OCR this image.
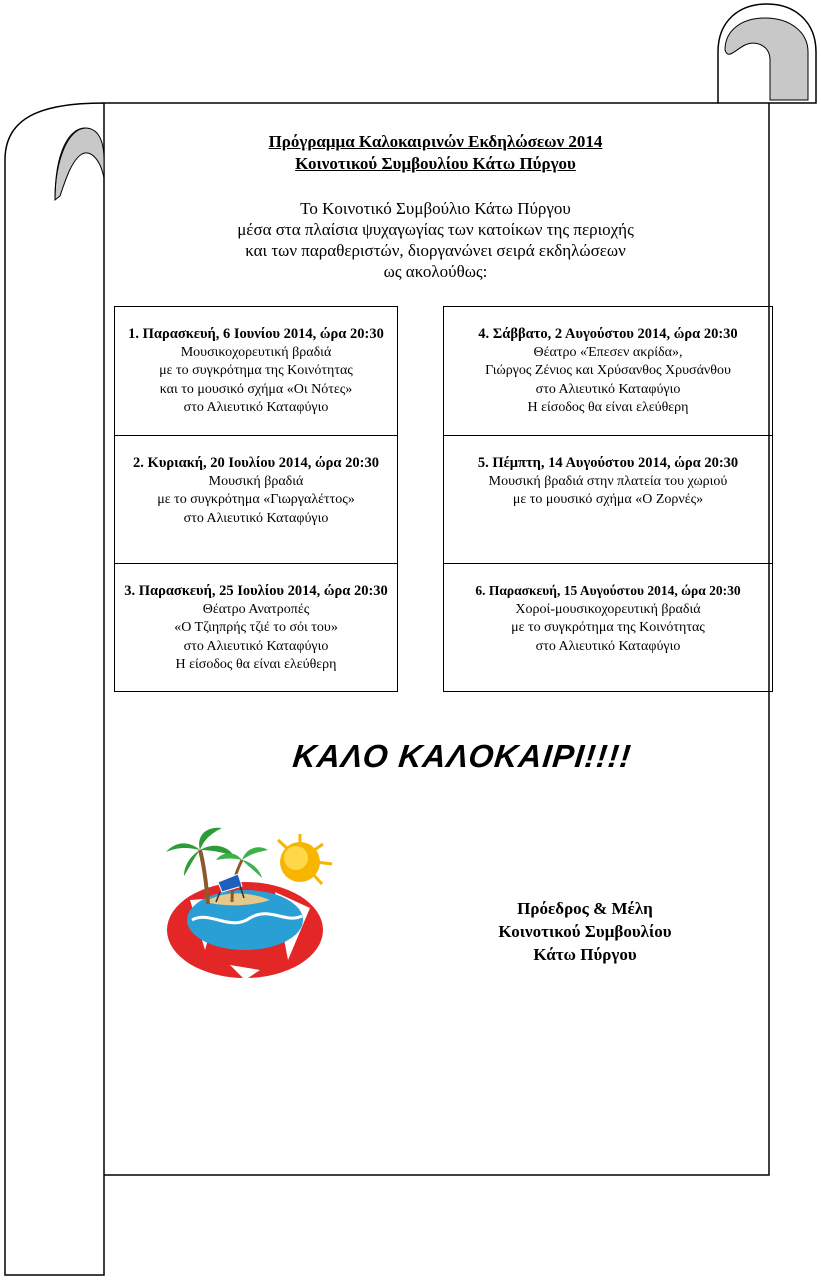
Πρόγραμμα Καλοκαιρινών Εκδηλώσεων 2014
Κοινοτικού Συμβουλίου Κάτω Πύργου
Το Κοινοτικό Συμβούλιο Κάτω Πύργου
μέσα στα πλαίσια ψυχαγωγίας των κατοίκων της περιοχής
και των παραθεριστών, διοργανώνει σειρά εκδηλώσεων
ως ακολούθως:
1. Παρασκευή, 6 Ιουνίου 2014, ώρα 20:30
Μουσικοχορευτική βραδιά
με το συγκρότημα της Κοινότητας
και το μουσικό σχήμα «Οι Νότες»
στο Αλιευτικό Καταφύγιο
4. Σάββατο, 2 Αυγούστου 2014, ώρα 20:30
Θέατρο «Έπεσεν ακρίδα»,
Γιώργος Ζένιος και Χρύσανθος Χρυσάνθου
στο Αλιευτικό Καταφύγιο
Η είσοδος θα είναι ελεύθερη
2. Κυριακή, 20 Ιουλίου 2014, ώρα 20:30
Μουσική βραδιά
με το συγκρότημα «Γιωργαλέττος»
στο Αλιευτικό Καταφύγιο
5. Πέμπτη, 14 Αυγούστου 2014, ώρα 20:30
Μουσική βραδιά στην πλατεία του χωριού
με το μουσικό σχήμα «Ο Ζορνές»
3. Παρασκευή, 25 Ιουλίου 2014, ώρα 20:30
Θέατρο Ανατροπές
«Ο Τζιηπρής τζιέ το σόι του»
στο Αλιευτικό Καταφύγιο
Η είσοδος θα είναι ελεύθερη
6. Παρασκευή, 15 Αυγούστου 2014, ώρα 20:30
Χοροί-μουσικοχορευτική βραδιά
με το συγκρότημα της Κοινότητας
στο Αλιευτικό Καταφύγιο
ΚΑΛΟ ΚΑΛΟΚΑΙΡΙ!!!!
Πρόεδρος & Μέλη
Κοινοτικού Συμβουλίου
Κάτω Πύργου
